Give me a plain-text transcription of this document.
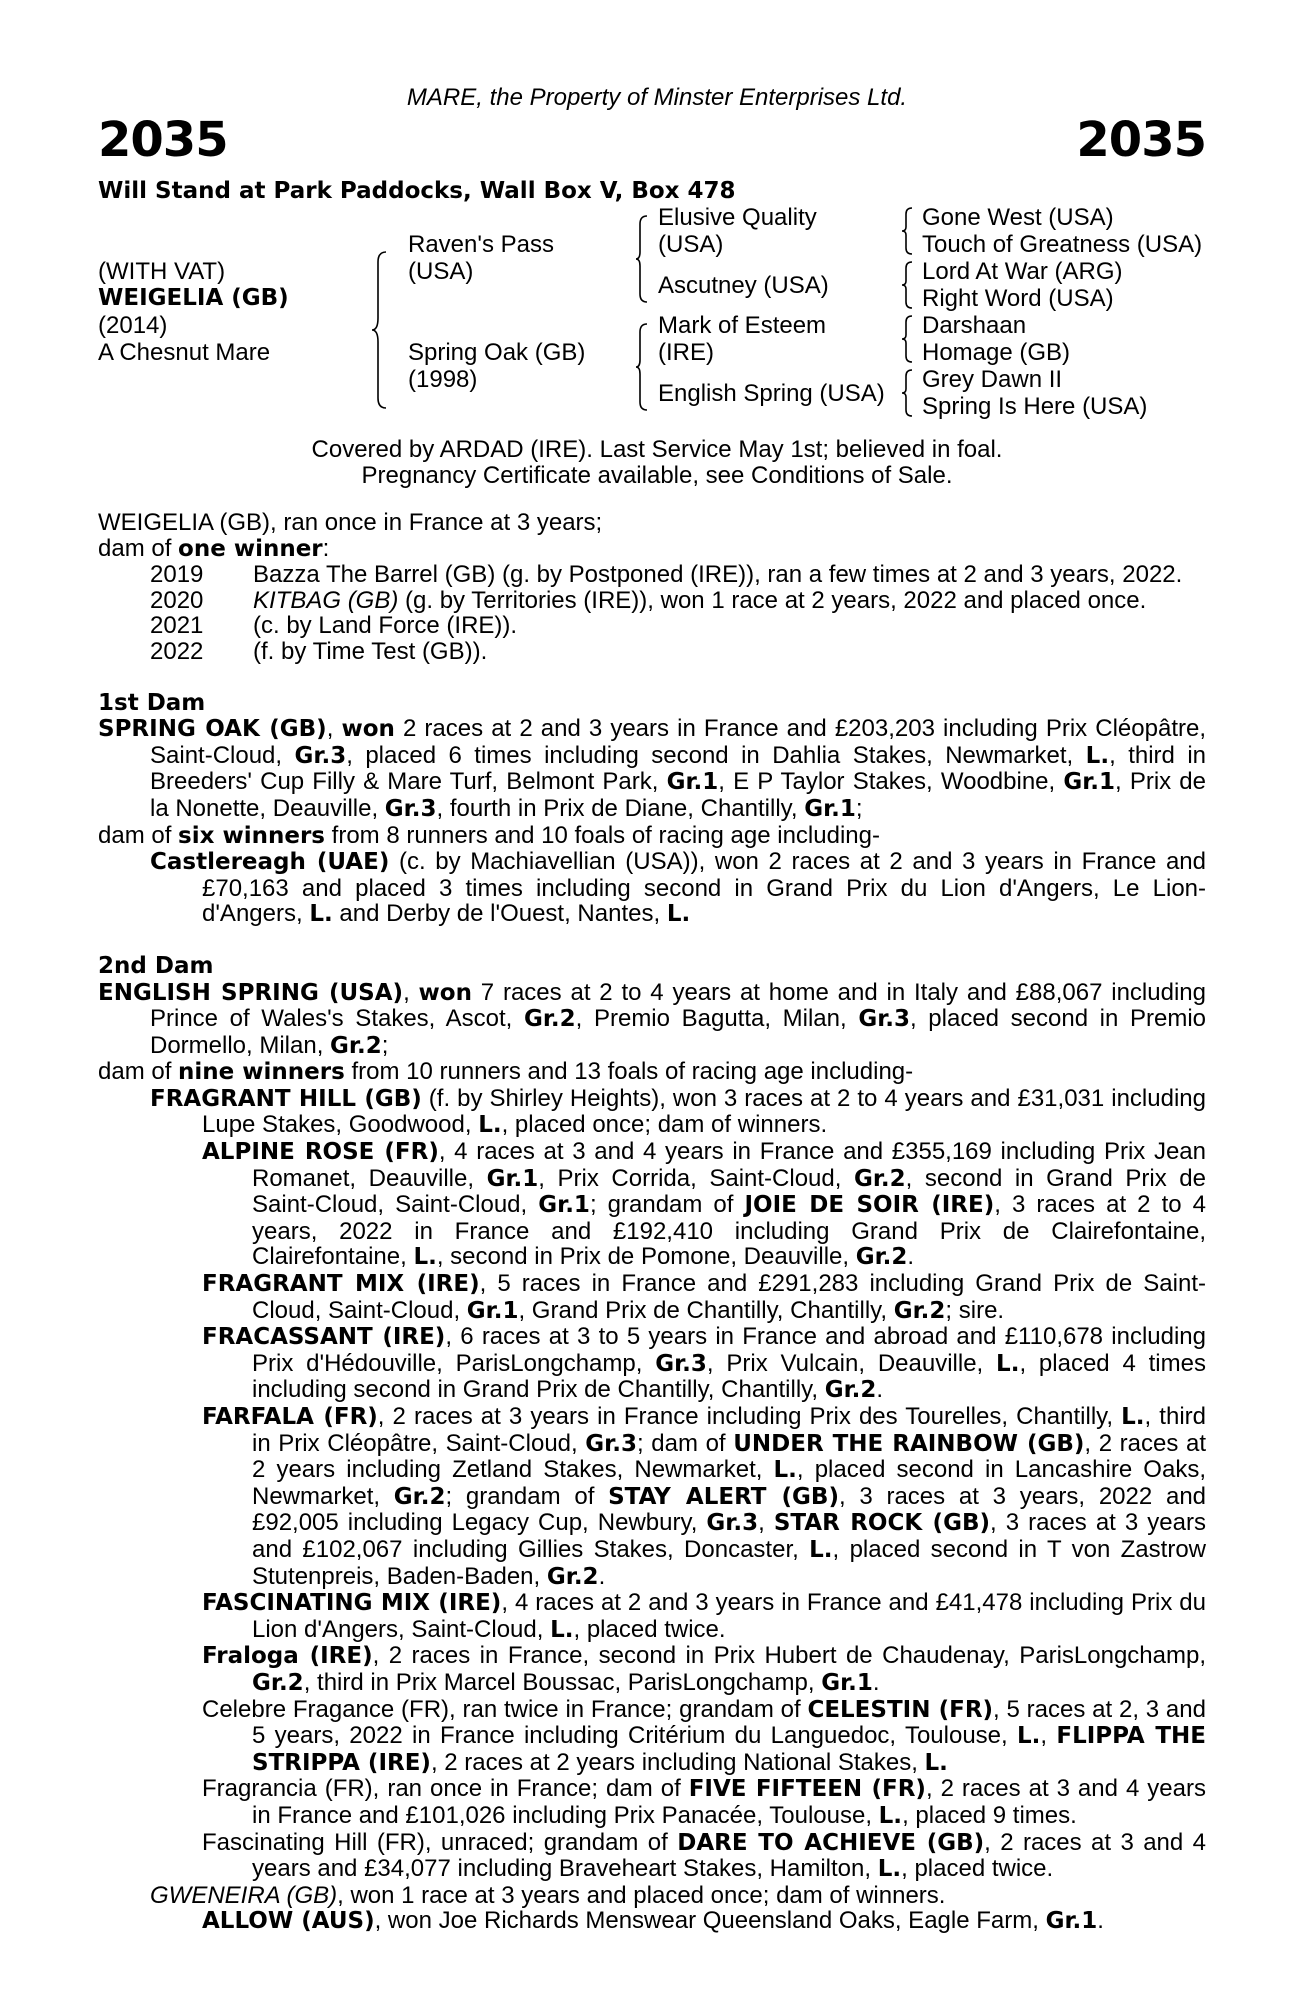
MARE, the Property of Minster Enterprises Ltd.
2035	2035
Will Stand at Park Paddocks, Wall Box V, Box 478
(WITH VAT)
WEIGELIA (GB)
(2014)
A Chesnut Mare
Raven's Pass
(USA)
Spring Oak (GB)
(1998)
Elusive Quality
(USA)
Ascutney (USA)
Mark of Esteem
(IRE)
English Spring (USA)
Gone West (USA)
Touch of Greatness (USA)
Lord At War (ARG)
Right Word (USA)
Darshaan
Homage (GB)
Grey Dawn II
Spring Is Here (USA)
Covered by ARDAD (IRE). Last Service May 1st; believed in foal.
Pregnancy Certificate available, see Conditions of Sale.

WEIGELIA (GB), ran once in France at 3 years;

dam of one winner:

2019	Bazza The Barrel (GB) (g. by Postponed (IRE)), ran a few times at 2 and 3 years, 2022.
2020	KITBAG (GB) (g. by Territories (IRE)), won 1 race at 2 years, 2022 and placed once.
2021	(c. by Land Force (IRE)).
2022	(f. by Time Test (GB)).

1st Dam

SPRING OAK (GB), won 2 races at 2 and 3 years in France and £203,203 including Prix Cléopâtre, Saint-Cloud, Gr.3, placed 6 times including second in Dahlia Stakes, Newmarket, L., third in Breeders' Cup Filly & Mare Turf, Belmont Park, Gr.1, E P Taylor Stakes, Woodbine, Gr.1, Prix de la Nonette, Deauville, Gr.3, fourth in Prix de Diane, Chantilly, Gr.1;

dam of six winners from 8 runners and 10 foals of racing age including-

Castlereagh (UAE) (c. by Machiavellian (USA)), won 2 races at 2 and 3 years in France and £70,163 and placed 3 times including second in Grand Prix du Lion d'Angers, Le Lion-d'Angers, L. and Derby de l'Ouest, Nantes, L.

2nd Dam

ENGLISH SPRING (USA), won 7 races at 2 to 4 years at home and in Italy and £88,067 including Prince of Wales's Stakes, Ascot, Gr.2, Premio Bagutta, Milan, Gr.3, placed second in Premio Dormello, Milan, Gr.2;

dam of nine winners from 10 runners and 13 foals of racing age including-

FRAGRANT HILL (GB) (f. by Shirley Heights), won 3 races at 2 to 4 years and £31,031 including Lupe Stakes, Goodwood, L., placed once; dam of winners.

ALPINE ROSE (FR), 4 races at 3 and 4 years in France and £355,169 including Prix Jean Romanet, Deauville, Gr.1, Prix Corrida, Saint-Cloud, Gr.2, second in Grand Prix de Saint-Cloud, Saint-Cloud, Gr.1; grandam of JOIE DE SOIR (IRE), 3 races at 2 to 4 years, 2022 in France and £192,410 including Grand Prix de Clairefontaine, Clairefontaine, L., second in Prix de Pomone, Deauville, Gr.2.

FRAGRANT MIX (IRE), 5 races in France and £291,283 including Grand Prix de Saint-Cloud, Saint-Cloud, Gr.1, Grand Prix de Chantilly, Chantilly, Gr.2; sire.

FRACASSANT (IRE), 6 races at 3 to 5 years in France and abroad and £110,678 including Prix d'Hédouville, ParisLongchamp, Gr.3, Prix Vulcain, Deauville, L., placed 4 times including second in Grand Prix de Chantilly, Chantilly, Gr.2.

FARFALA (FR), 2 races at 3 years in France including Prix des Tourelles, Chantilly, L., third in Prix Cléopâtre, Saint-Cloud, Gr.3; dam of UNDER THE RAINBOW (GB), 2 races at 2 years including Zetland Stakes, Newmarket, L., placed second in Lancashire Oaks, Newmarket, Gr.2; grandam of STAY ALERT (GB), 3 races at 3 years, 2022 and £92,005 including Legacy Cup, Newbury, Gr.3, STAR ROCK (GB), 3 races at 3 years and £102,067 including Gillies Stakes, Doncaster, L., placed second in T von Zastrow Stutenpreis, Baden-Baden, Gr.2.

FASCINATING MIX (IRE), 4 races at 2 and 3 years in France and £41,478 including Prix du Lion d'Angers, Saint-Cloud, L., placed twice.

Fraloga (IRE), 2 races in France, second in Prix Hubert de Chaudenay, ParisLongchamp, Gr.2, third in Prix Marcel Boussac, ParisLongchamp, Gr.1.

Celebre Fragance (FR), ran twice in France; grandam of CELESTIN (FR), 5 races at 2, 3 and 5 years, 2022 in France including Critérium du Languedoc, Toulouse, L., FLIPPA THE STRIPPA (IRE), 2 races at 2 years including National Stakes, L.

Fragrancia (FR), ran once in France; dam of FIVE FIFTEEN (FR), 2 races at 3 and 4 years in France and £101,026 including Prix Panacée, Toulouse, L., placed 9 times.

Fascinating Hill (FR), unraced; grandam of DARE TO ACHIEVE (GB), 2 races at 3 and 4 years and £34,077 including Braveheart Stakes, Hamilton, L., placed twice.

GWENEIRA (GB), won 1 race at 3 years and placed once; dam of winners.

ALLOW (AUS), won Joe Richards Menswear Queensland Oaks, Eagle Farm, Gr.1.
